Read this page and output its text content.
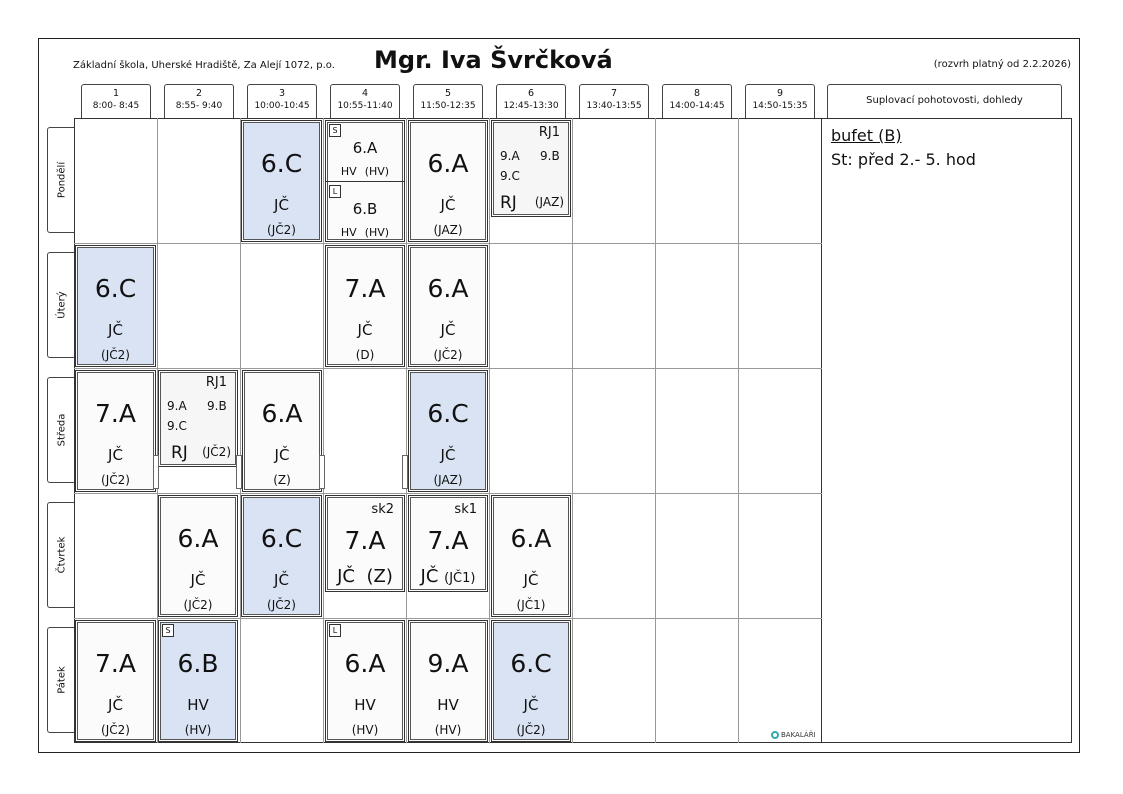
Základní škola, Uherské Hradiště, Za Alejí 1072, p.o. Mgr. Iva Švrčková	(rozvrh platný od 2.2.2026)
1
8:00- 8:45
2
8:55- 9:40
3
10:00-10:45
4
10:55-11:40
5
11:50-12:35
6
12:45-13:30
7
13:40-13:55
8
14:00-14:45
9
14:50-15:35	Suplovací pohotovosti, dohledy
Pondělí
Úterý
Středa
Čtvrtek
Pátek
6.C
JČ
(JČ2)
S
6.A
HV (HV)
L
6.B
HV (HV)
6.A
JČ
(JAZ)
RJ1
9.A 9.B
9.C
RJ (JAZ)
6.C
JČ
(JČ2)
7.A
JČ
(D)
6.A
JČ
(JČ2)
7.A
JČ
(JČ2)
RJ1
9.A 9.B
9.C
RJ (JČ2)
6.A
JČ
(Z)
6.C
JČ
(JAZ)
6.A
JČ
(JČ2)
6.C
JČ
(JČ2)
sk2
7.A
JČ (Z)
sk1
7.A
JČ (JČ1)
6.A
JČ
(JČ1)
7.A
JČ
(JČ2)
S
6.B
HV
(HV)
L
6.A
HV
(HV)
9.A
HV
(HV)
6.C
JČ
(JČ2)
bufet (B)
St: před 2.- 5. hod
BAKALÁŘI
